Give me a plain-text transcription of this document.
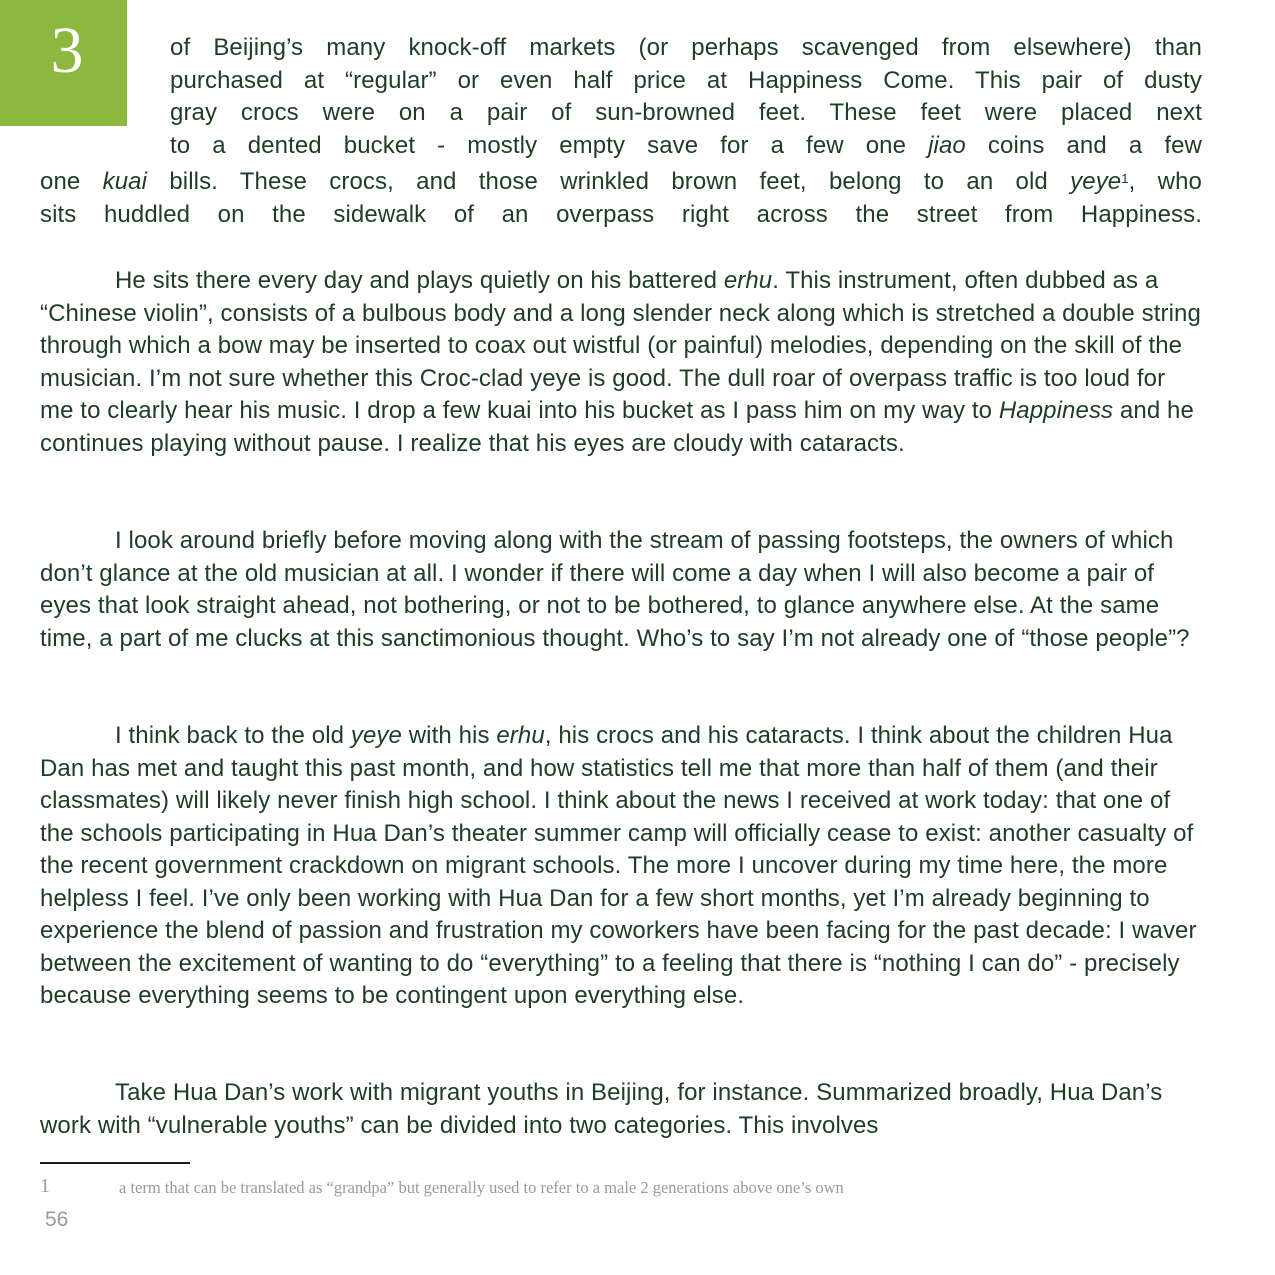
3	of Beijing’s many knock-off markets (or perhaps scavenged from elsewhere) than
purchased at “regular” or even half price at Happiness Come. This pair of dusty
gray crocs were on a pair of sun-browned feet. These feet were placed next
to a dented bucket - mostly empty save for a few one jiao coins and a few
one kuai bills. These crocs, and those wrinkled brown feet, belong to an old yeye$^1$, who
sits huddled on the sidewalk of an overpass right across the street from Happiness.

He sits there every day and plays quietly on his battered erhu. This instrument, often dubbed as a “Chinese violin”, consists of a bulbous body and a long slender neck along which is stretched a double string through which a bow may be inserted to coax out wistful (or painful) melodies, depending on the skill of the musician. I’m not sure whether this Croc-clad yeye is good. The dull roar of overpass traffic is too loud for me to clearly hear his music. I drop a few kuai into his bucket as I pass him on my way to Happiness and he continues playing without pause. I realize that his eyes are cloudy with cataracts.

I look around briefly before moving along with the stream of passing footsteps, the owners of which don’t glance at the old musician at all. I wonder if there will come a day when I will also become a pair of eyes that look straight ahead, not bothering, or not to be bothered, to glance anywhere else. At the same time, a part of me clucks at this sanctimonious thought. Who’s to say I’m not already one of “those people”?

I think back to the old yeye with his erhu, his crocs and his cataracts. I think about the children Hua Dan has met and taught this past month, and how statistics tell me that more than half of them (and their classmates) will likely never finish high school. I think about the news I received at work today: that one of the schools participating in Hua Dan’s theater summer camp will officially cease to exist: another casualty of the recent government crackdown on migrant schools. The more I uncover during my time here, the more helpless I feel. I’ve only been working with Hua Dan for a few short months, yet I’m already beginning to experience the blend of passion and frustration my coworkers have been facing for the past decade: I waver between the excitement of wanting to do “everything” to a feeling that there is “nothing I can do” - precisely because everything seems to be contingent upon everything else.

Take Hua Dan’s work with migrant youths in Beijing, for instance. Summarized broadly, Hua Dan’s work with “vulnerable youths” can be divided into two categories. This involves

1	a term that can be translated as “grandpa” but generally used to refer to a male 2 generations above one’s own
56
